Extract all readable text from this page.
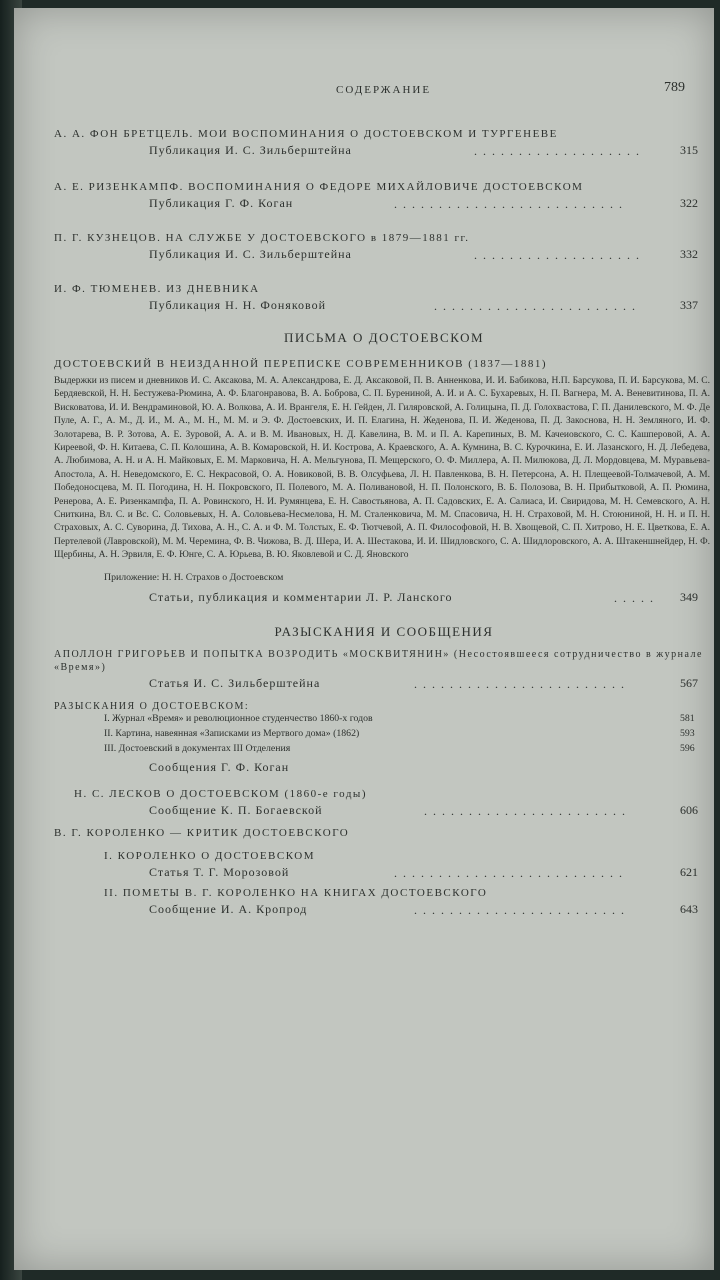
СОДЕРЖАНИЕ	789
А. А. ФОН БРЕТЦЕЛЬ. МОИ ВОСПОМИНАНИЯ О ДОСТОЕВСКОМ И ТУРГЕНЕВЕ
Публикация И. С. Зильберштейна	...................	315
А. Е. РИЗЕНКАМПФ. ВОСПОМИНАНИЯ О ФЕДОРЕ МИХАЙЛОВИЧЕ ДОСТОЕВСКОМ
Публикация Г. Ф. Коган	..........................	322
П. Г. КУЗНЕЦОВ. НА СЛУЖБЕ У ДОСТОЕВСКОГО в 1879—1881 гг.
Публикация И. С. Зильберштейна	...................	332
И. Ф. ТЮМЕНЕВ. ИЗ ДНЕВНИКА
Публикация Н. Н. Фоняковой	.......................	337
ПИСЬМА О ДОСТОЕВСКОМ
ДОСТОЕВСКИЙ В НЕИЗДАННОЙ ПЕРЕПИСКЕ СОВРЕМЕННИКОВ (1837—1881)
Выдержки из писем и дневников И. С. Аксакова, М. А. Александрова, Е. Д. Аксаковой, П. В. Анненкова, И. И. Бабикова, Н.П. Барсукова, П. И. Барсукова, М. С. Бердяевской, Н. Н. Бестужева-Рюмина, А. Ф. Благонравова, В. А. Боброва, С. П. Бурениной, А. И. и А. С. Бухаревых, Н. П. Вагнера, М. А. Веневитинова, П. А. Висковатова, И. И. Вендраминовой, Ю. А. Волкова, А. И. Врангеля, Е. Н. Гейден, Л. Гиляровской, А. Голицына, П. Д. Голохвастова, Г. П. Данилевского, М. Ф. Де Пуле, А. Г., А. М., Д. И., М. А., М. Н., М. М. и Э. Ф. Достоевских, И. П. Елагина, Н. Жеденова, П. И. Жеденова, П. Д. Закоснова, Н. Н. Земляного, И. Ф. Золотарева, В. Р. Зотова, А. Е. Зуровой, А. А. и В. М. Ивановых, Н. Д. Кавелина, В. М. и П. А. Карепиных, В. М. Качеиовского, С. С. Кашперовой, А. А. Киреевой, Ф. Н. Китаева, С. П. Колошина, А. В. Комаровской, Н. И. Кострова, А. Краевского, А. А. Кумнина, В. С. Курочкина, Е. И. Лазанского, Н. Д. Лебедева, А. Любимова, А. Н. и А. Н. Майковых, Е. М. Марковича, Н. А. Мельгунова, П. Мещерского, О. Ф. Миллера, А. П. Милюкова, Д. Л. Мордовцева, М. Муравьева-Апостола, А. Н. Неведомского, Е. С. Некрасовой, О. А. Новиковой, В. В. Олсуфьева, Л. Н. Павленкова, В. Н. Петерсона, А. Н. Плещеевой-Толмачевой, А. М. Победоносцева, М. П. Погодина, Н. Н. Покровского, П. Полевого, М. А. Поливановой, Н. П. Полонского, В. Б. Полозова, В. Н. Прибытковой, А. П. Рюмина, Ренерова, А. Е. Ризенкампфа, П. А. Ровинского, Н. И. Румянцева, Е. Н. Савостьянова, А. П. Садовских, Е. А. Салиаса, И. Свиридова, М. Н. Семевского, А. Н. Сниткина, Вл. С. и Вс. С. Соловьевых, Н. А. Соловьева-Несмелова, Н. М. Сталенковича, М. М. Спасовича, Н. Н. Страховой, М. Н. Стоюниной, Н. Н. и П. Н. Страховых, А. С. Суворина, Д. Тихова, А. Н., С. А. и Ф. М. Толстых, Е. Ф. Тютчевой, А. П. Философовой, Н. В. Хвощевой, С. П. Хитрово, Н. Е. Цветкова, Е. А. Пертелевой (Лавровской), М. М. Черемина, Ф. В. Чижова, В. Д. Шера, И. А. Шестакова, И. И. Шидловского, С. А. Шидлоровского, А. А. Штакеншнейдер, Н. Ф. Щербины, А. Н. Эрвиля, Е. Ф. Юнге, С. А. Юрьева, В. Ю. Яковлевой и С. Д. Яновского
Приложение: Н. Н. Страхов о Достоевском
Статьи, публикация и комментарии Л. Р. Ланского	.....	349
РАЗЫСКАНИЯ И СООБЩЕНИЯ
АПОЛЛОН ГРИГОРЬЕВ И ПОПЫТКА ВОЗРОДИТЬ «МОСКВИТЯНИН» (Несостоявшееся сотрудничество в журнале «Время»)
Статья И. С. Зильберштейна	........................	567
РАЗЫСКАНИЯ О ДОСТОЕВСКОМ:
I. Журнал «Время» и революционное студенчество 1860-х годов	581
II. Картина, навеянная «Записками из Мертвого дома» (1862)	593
III. Достоевский в документах III Отделения	596
Сообщения Г. Ф. Коган
Н. С. ЛЕСКОВ О ДОСТОЕВСКОМ (1860-е годы)
Сообщение К. П. Богаевской	.......................	606
В. Г. КОРОЛЕНКО — КРИТИК ДОСТОЕВСКОГО
I. КОРОЛЕНКО О ДОСТОЕВСКОМ
Статья Т. Г. Морозовой	..........................	621
II. ПОМЕТЫ В. Г. КОРОЛЕНКО НА КНИГАХ ДОСТОЕВСКОГО
Сообщение И. А. Кропрод	........................	643
